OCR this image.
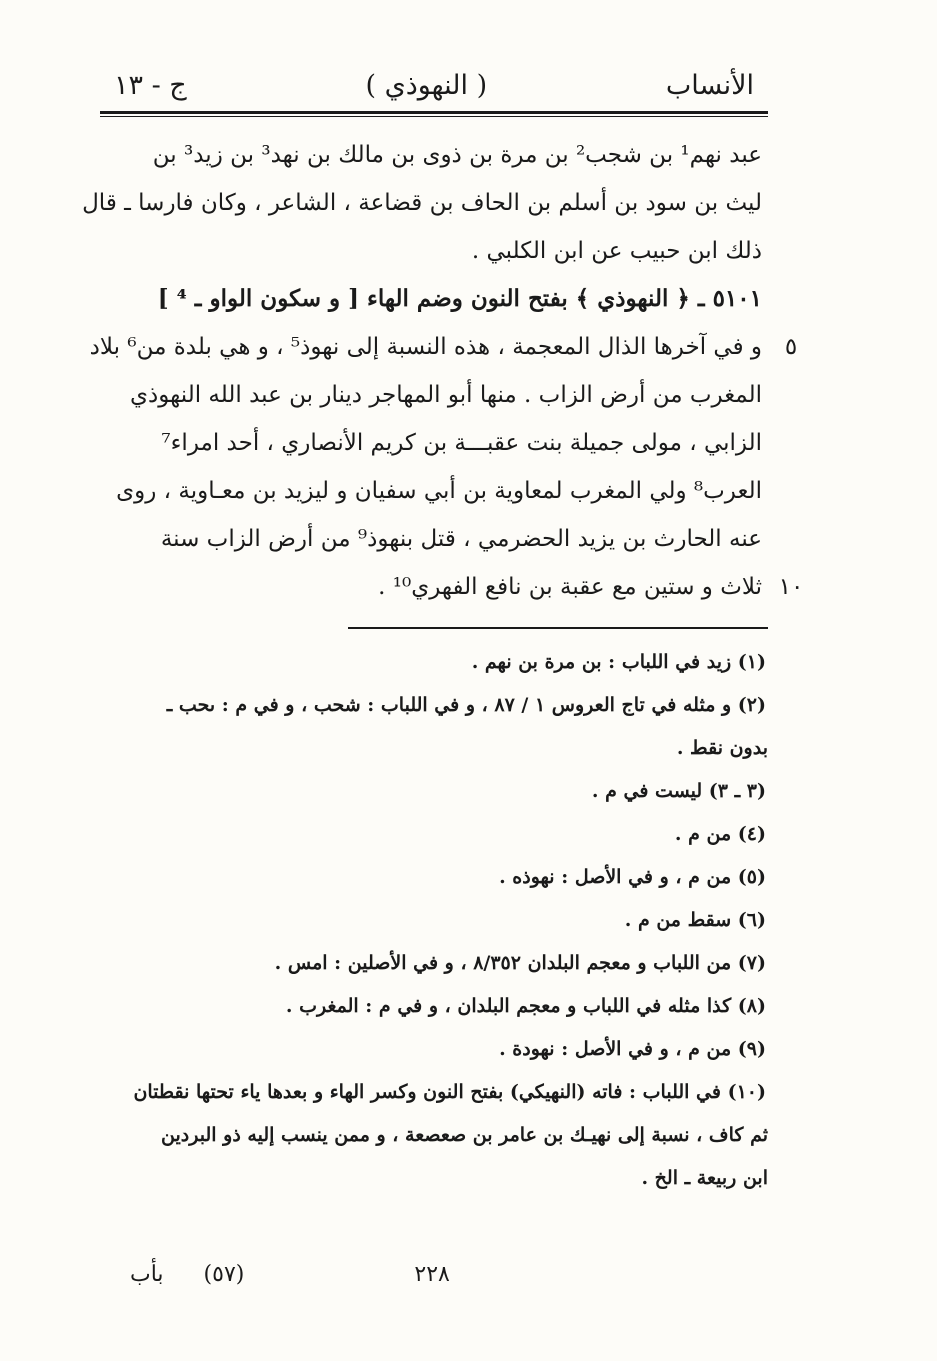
الأنساب
( النهوذي )
ج - ١٣
عبد نهم¹ بن شجب² بن مرة بن ذوى بن مالك بن نهد³ بن زيد³ بن
ليث بن سود بن أسلم بن الحاف بن قضاعة ، الشاعر ، وكان فارسا ـ قال
ذلك ابن حبيب عن ابن الكلبي .
٥١٠١ ـ ﴿ النهوذي ﴾ بفتح النون وضم الهاء [ و سكون الواو ـ ⁴ ]
٥
و في آخرها الذال المعجمة ، هذه النسبة إلى نهوذ⁵ ، و هي بلدة من⁶ بلاد
المغرب من أرض الزاب . منها أبو المهاجر دينار بن عبد الله النهوذي
الزابي ، مولى جميلة بنت عقبـــة بن كريم الأنصاري ، أحد امراء⁷
العرب⁸ ولي المغرب لمعاوية بن أبي سفيان و ليزيد بن معـاوية ، روى
عنه الحارث بن يزيد الحضرمي ، قتل بنهوذ⁹ من أرض الزاب سنة
١٠
ثلاث و ستين مع عقبة بن نافع الفهري¹⁰ .
(١) زيد في اللباب : بن مرة بن نهم .
(٢) و مثله في تاج العروس ١ / ٨٧ ، و في اللباب : شحب ، و في م : ىحب ـ
بدون نقط .
(٣ ـ ٣) ليست في م .
(٤) من م .
(٥) من م ، و في الأصل : نهوذه .
(٦) سقط من م .
(٧) من اللباب و معجم البلدان ٨/٣٥٢ ، و في الأصلين : امس .
(٨) كذا مثله في اللباب و معجم البلدان ، و في م : المغرب .
(٩) من م ، و في الأصل : نهودة .
(١٠) في اللباب : فاته (النهيكي) بفتح النون وكسر الهاء و بعدها ياء تحتها نقطتان
ثم كاف ، نسبة إلى نهيـك بن عامر بن صعصعة ، و ممن ينسب إليه ذو البردين
ابن ربيعة ـ الخ .
بأب (٥٧)	٢٢٨
